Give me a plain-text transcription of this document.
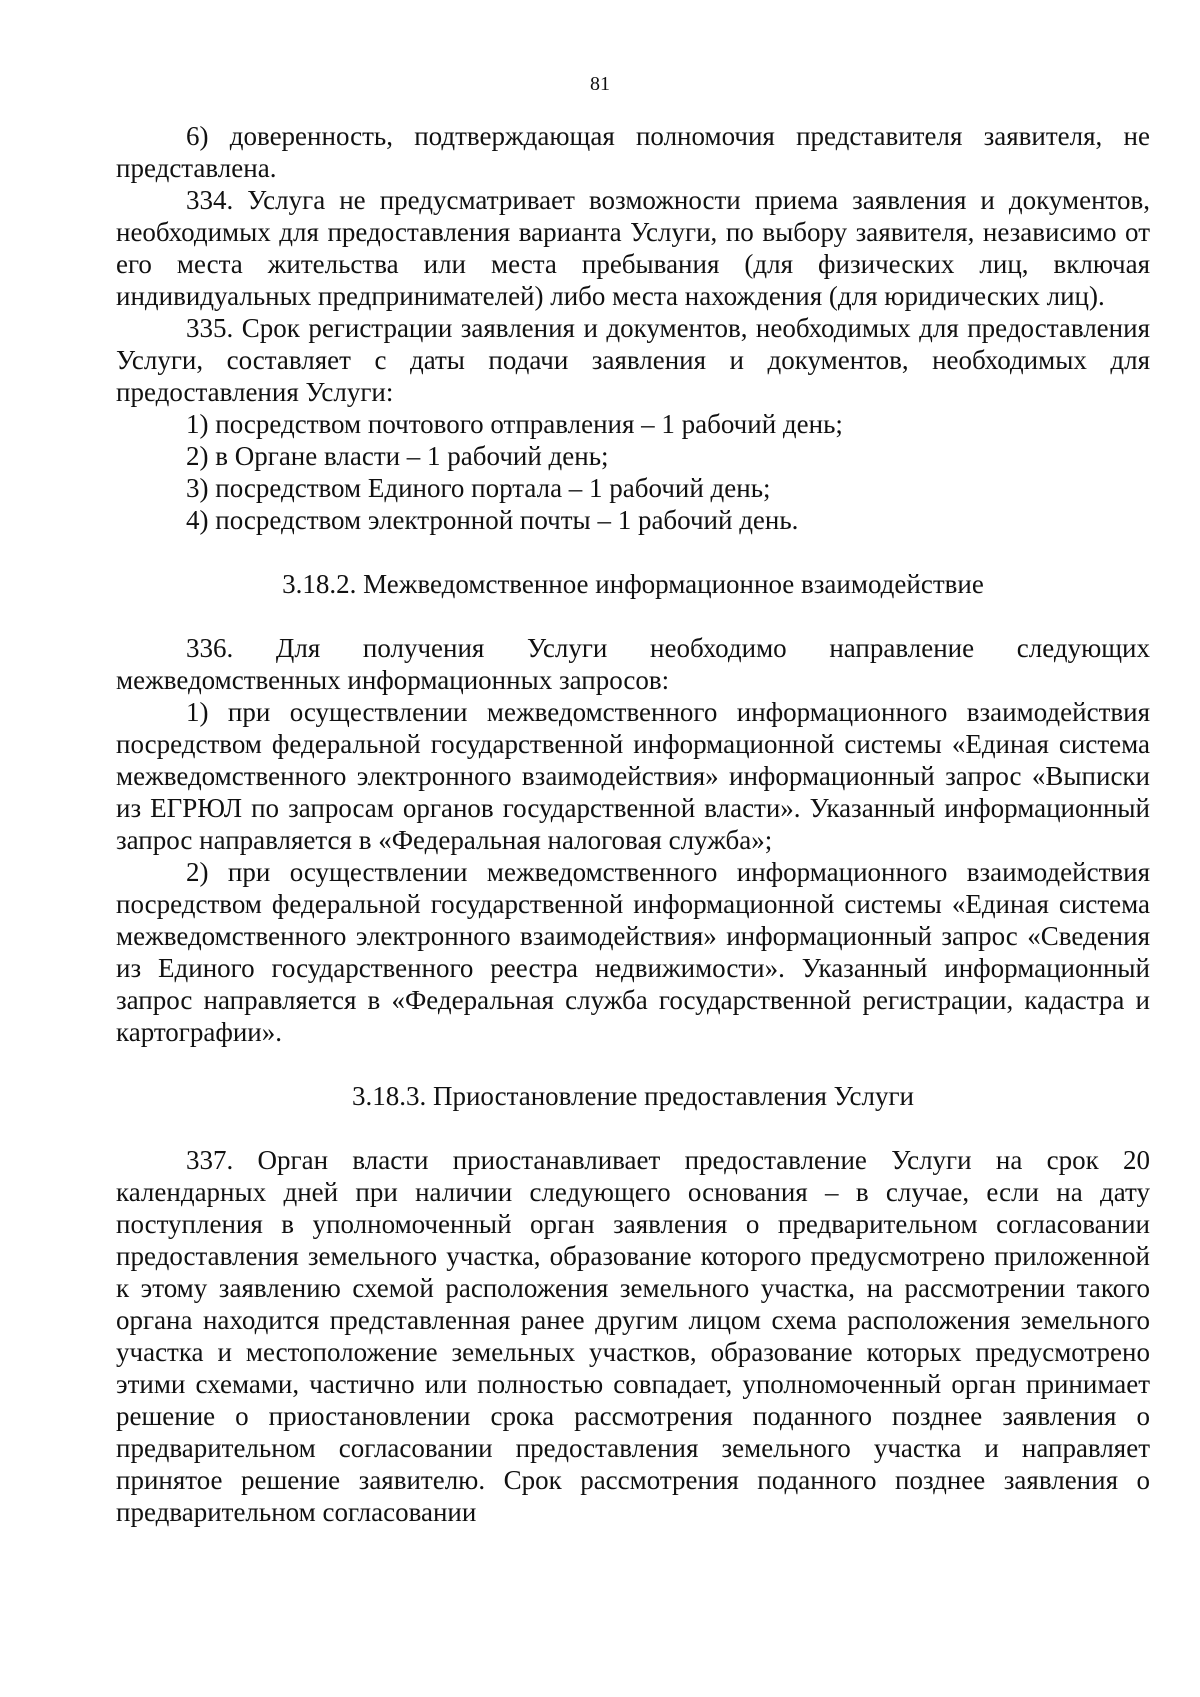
81

6) доверенность, подтверждающая полномочия представителя заявителя, не представлена.

334. Услуга не предусматривает возможности приема заявления и документов, необходимых для предоставления варианта Услуги, по выбору заявителя, независимо от его места жительства или места пребывания (для физических лиц, включая индивидуальных предпринимателей) либо места нахождения (для юридических лиц).

335. Срок регистрации заявления и документов, необходимых для предоставления Услуги, составляет с даты подачи заявления и документов, необходимых для предоставления Услуги:

1) посредством почтового отправления – 1 рабочий день;

2) в Органе власти – 1 рабочий день;

3) посредством Единого портала – 1 рабочий день;

4) посредством электронной почты – 1 рабочий день.

3.18.2. Межведомственное информационное взаимодействие

336. Для получения Услуги необходимо направление следующих межведомственных информационных запросов:

1) при осуществлении межведомственного информационного взаимодействия посредством федеральной государственной информационной системы «Единая система межведомственного электронного взаимодействия» информационный запрос «Выписки из ЕГРЮЛ по запросам органов государственной власти». Указанный информационный запрос направляется в «Федеральная налоговая служба»;

2) при осуществлении межведомственного информационного взаимодействия посредством федеральной государственной информационной системы «Единая система межведомственного электронного взаимодействия» информационный запрос «Сведения из Единого государственного реестра недвижимости». Указанный информационный запрос направляется в «Федеральная служба государственной регистрации, кадастра и картографии».

3.18.3. Приостановление предоставления Услуги

337. Орган власти приостанавливает предоставление Услуги на срок 20 календарных дней при наличии следующего основания – в случае, если на дату поступления в уполномоченный орган заявления о предварительном согласовании предоставления земельного участка, образование которого предусмотрено приложенной к этому заявлению схемой расположения земельного участка, на рассмотрении такого органа находится представленная ранее другим лицом схема расположения земельного участка и местоположение земельных участков, образование которых предусмотрено этими схемами, частично или полностью совпадает, уполномоченный орган принимает решение о приостановлении срока рассмотрения поданного позднее заявления о предварительном согласовании предоставления земельного участка и направляет принятое решение заявителю. Срок рассмотрения поданного позднее заявления о предварительном согласовании
